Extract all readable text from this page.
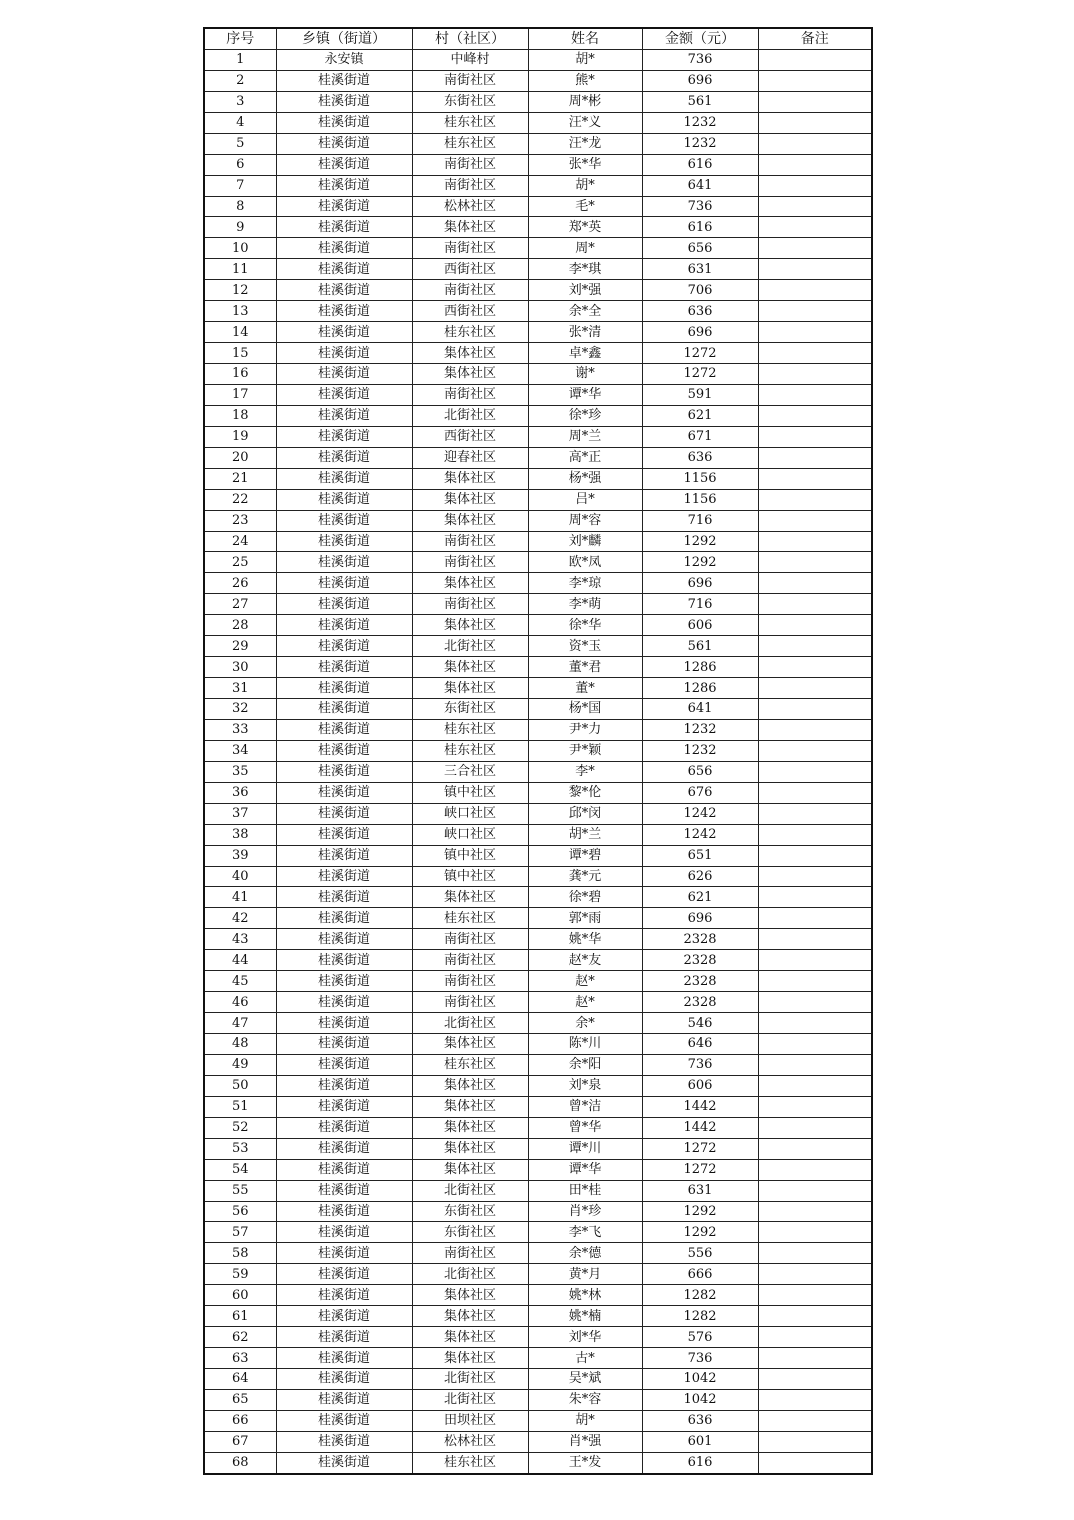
序号	乡镇（街道）	村（社区）	姓名	金额（元）	备注
1	永安镇	中峰村	胡*	736	
2	桂溪街道	南街社区	熊*	696	
3	桂溪街道	东街社区	周*彬	561	
4	桂溪街道	桂东社区	汪*义	1232	
5	桂溪街道	桂东社区	汪*龙	1232	
6	桂溪街道	南街社区	张*华	616	
7	桂溪街道	南街社区	胡*	641	
8	桂溪街道	松林社区	毛*	736	
9	桂溪街道	集体社区	郑*英	616	
10	桂溪街道	南街社区	周*	656	
11	桂溪街道	西街社区	李*琪	631	
12	桂溪街道	南街社区	刘*强	706	
13	桂溪街道	西街社区	余*全	636	
14	桂溪街道	桂东社区	张*清	696	
15	桂溪街道	集体社区	卓*鑫	1272	
16	桂溪街道	集体社区	谢*	1272	
17	桂溪街道	南街社区	谭*华	591	
18	桂溪街道	北街社区	徐*珍	621	
19	桂溪街道	西街社区	周*兰	671	
20	桂溪街道	迎春社区	高*正	636	
21	桂溪街道	集体社区	杨*强	1156	
22	桂溪街道	集体社区	吕*	1156	
23	桂溪街道	集体社区	周*容	716	
24	桂溪街道	南街社区	刘*麟	1292	
25	桂溪街道	南街社区	欧*凤	1292	
26	桂溪街道	集体社区	李*琼	696	
27	桂溪街道	南街社区	李*萌	716	
28	桂溪街道	集体社区	徐*华	606	
29	桂溪街道	北街社区	资*玉	561	
30	桂溪街道	集体社区	董*君	1286	
31	桂溪街道	集体社区	董*	1286	
32	桂溪街道	东街社区	杨*国	641	
33	桂溪街道	桂东社区	尹*力	1232	
34	桂溪街道	桂东社区	尹*颖	1232	
35	桂溪街道	三合社区	李*	656	
36	桂溪街道	镇中社区	黎*伦	676	
37	桂溪街道	峡口社区	邱*闵	1242	
38	桂溪街道	峡口社区	胡*兰	1242	
39	桂溪街道	镇中社区	谭*碧	651	
40	桂溪街道	镇中社区	龚*元	626	
41	桂溪街道	集体社区	徐*碧	621	
42	桂溪街道	桂东社区	郭*雨	696	
43	桂溪街道	南街社区	姚*华	2328	
44	桂溪街道	南街社区	赵*友	2328	
45	桂溪街道	南街社区	赵*	2328	
46	桂溪街道	南街社区	赵*	2328	
47	桂溪街道	北街社区	余*	546	
48	桂溪街道	集体社区	陈*川	646	
49	桂溪街道	桂东社区	余*阳	736	
50	桂溪街道	集体社区	刘*泉	606	
51	桂溪街道	集体社区	曾*洁	1442	
52	桂溪街道	集体社区	曾*华	1442	
53	桂溪街道	集体社区	谭*川	1272	
54	桂溪街道	集体社区	谭*华	1272	
55	桂溪街道	北街社区	田*桂	631	
56	桂溪街道	东街社区	肖*珍	1292	
57	桂溪街道	东街社区	李*飞	1292	
58	桂溪街道	南街社区	余*德	556	
59	桂溪街道	北街社区	黄*月	666	
60	桂溪街道	集体社区	姚*林	1282	
61	桂溪街道	集体社区	姚*楠	1282	
62	桂溪街道	集体社区	刘*华	576	
63	桂溪街道	集体社区	古*	736	
64	桂溪街道	北街社区	吴*斌	1042	
65	桂溪街道	北街社区	朱*容	1042	
66	桂溪街道	田坝社区	胡*	636	
67	桂溪街道	松林社区	肖*强	601	
68	桂溪街道	桂东社区	王*发	616	
